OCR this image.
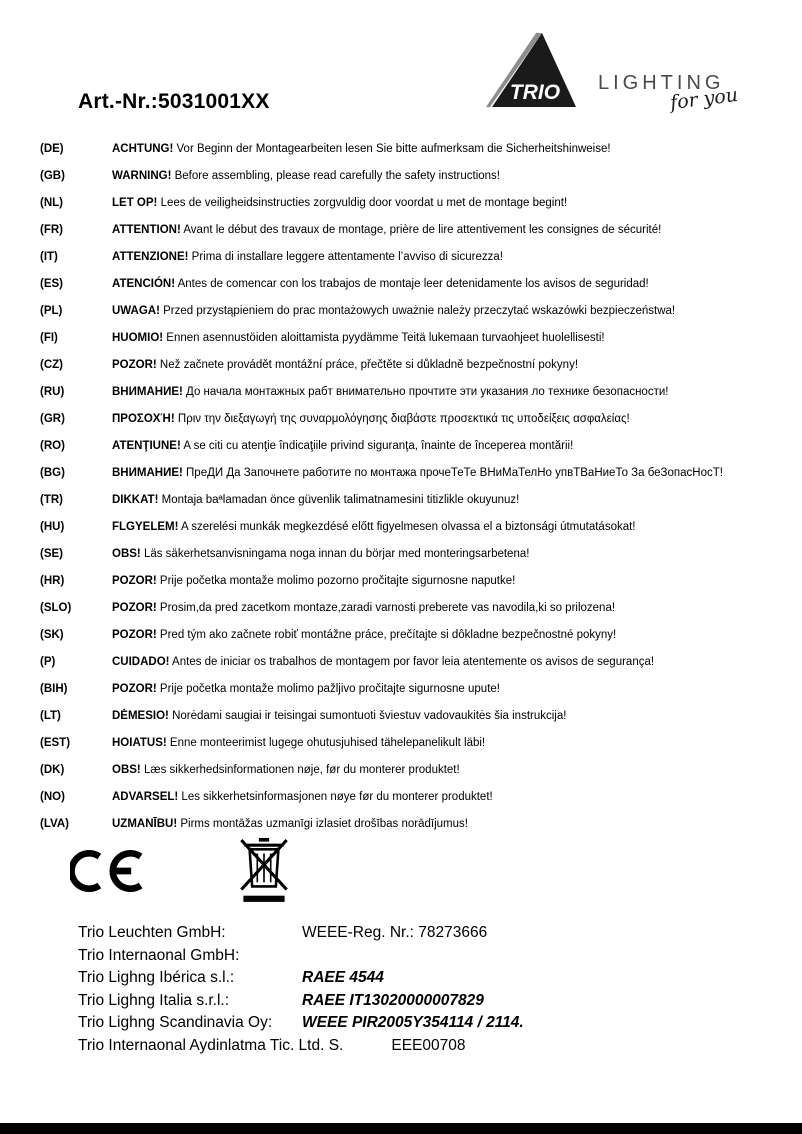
Art.-Nr.:5031001XX	TRIO LIGHTING
for you
(DE)	ACHTUNG! Vor Beginn der Montagearbeiten lesen Sie bitte aufmerksam die Sicherheitshinweise!

(GB)	WARNING! Before assembling, please read carefully the safety instructions!

(NL)	LET OP! Lees de veiligheidsinstructies zorgvuldig door voordat u met de montage begint!

(FR)	ATTENTION! Avant le début des travaux de montage, prière de lire attentivement les consignes de sécurité!

(IT)	ATTENZIONE! Prima di installare leggere attentamente l’avviso di sicurezza!

(ES)	ATENCIÓN! Antes de comencar con los trabajos de montaje leer detenidamente los avisos de seguridad!

(PL)	UWAGA! Przed przystąpieniem do prac montażowych uważnie należy przeczytać wskazówki bezpieczeństwa!

(FI)	HUOMIO! Ennen asennustöiden aloittamista pyydämme Teitä lukemaan turvaohjeet huolellisesti!

(CZ)	POZOR! Než začnete provádět montážní práce, přečtěte si důkladně bezpečnostní pokyny!

(RU)	ВНИМАНИЕ! До начала монтажных рабт внимательно прочтите эти указания ло технике безопасности!

(GR)	ΠΡΟΣΟΧΉ! Πριν την διεξαγωγή της συναρμολόγησης διαβάστε προσεκτικά τις υποδείξεις ασφαλείας!

(RO)	ATENŢIUNE! A se citi cu atenţie îndicaţiile privind siguranţa, înainte de începerea montării!

(BG)	ВНИМАНИЕ! ПреДИ Да Започнете работите по монтажа прочеТеТе ВНиМаТелНо упвТВаНиеТо За беЗопасНосТ!

(TR)	DIKKAT! Montaja baªlamadan önce güvenlik talimatnamesini titizlikle okuyunuz!

(HU)	FLGYELEM! A szerelési munkák megkezdésé előtt figyelmesen olvassa el a biztonsági útmutatásokat!

(SE)	OBS! Läs säkerhetsanvisningama noga innan du börjar med monteringsarbetena!

(HR)	POZOR! Prije početka montaže molimo pozorno pročitajte sigurnosne naputke!

(SLO)	POZOR! Prosim,da pred zacetkom montaze,zaradi varnosti preberete vas navodila,ki so prilozena!

(SK)	POZOR! Pred tým ako začnete robiť montážne práce, prečítajte si dôkladne bezpečnostné pokyny!

(P)	CUIDADO! Antes de iniciar os trabalhos de montagem por favor leia atentemente os avisos de segurança!

(BIH)	POZOR! Prije početka montaže molimo pažljivo pročitajte sigurnosne upute!

(LT)	DĖMESIO! Norėdami saugiai ir teisingai sumontuoti šviestuv vadovaukitės šia instrukcija!

(EST)	HOIATUS! Enne monteerimist lugege ohutusjuhised tähelepanelikult läbi!

(DK)	OBS! Læs sikkerhedsinformationen nøje, før du monterer produktet!

(NO)	ADVARSEL! Les sikkerhetsinformasjonen nøye før du monterer produktet!

(LVA)	UZMANĪBU! Pirms montāžas uzmanīgi izlasiet drošības norādījumus!

Trio Leuchten GmbH:	WEEE-Reg. Nr.: 78273666
Trio Internaonal GmbH:
Trio Lighng Ibérica s.l.:	RAEE 4544
Trio Lighng Italia s.r.l.:	RAEE IT13020000007829
Trio Lighng Scandinavia Oy:	WEEE PIR2005Y354114 / 2114.
Trio Internaonal Aydinlatma Tic. Ltd. S.	EEE00708
